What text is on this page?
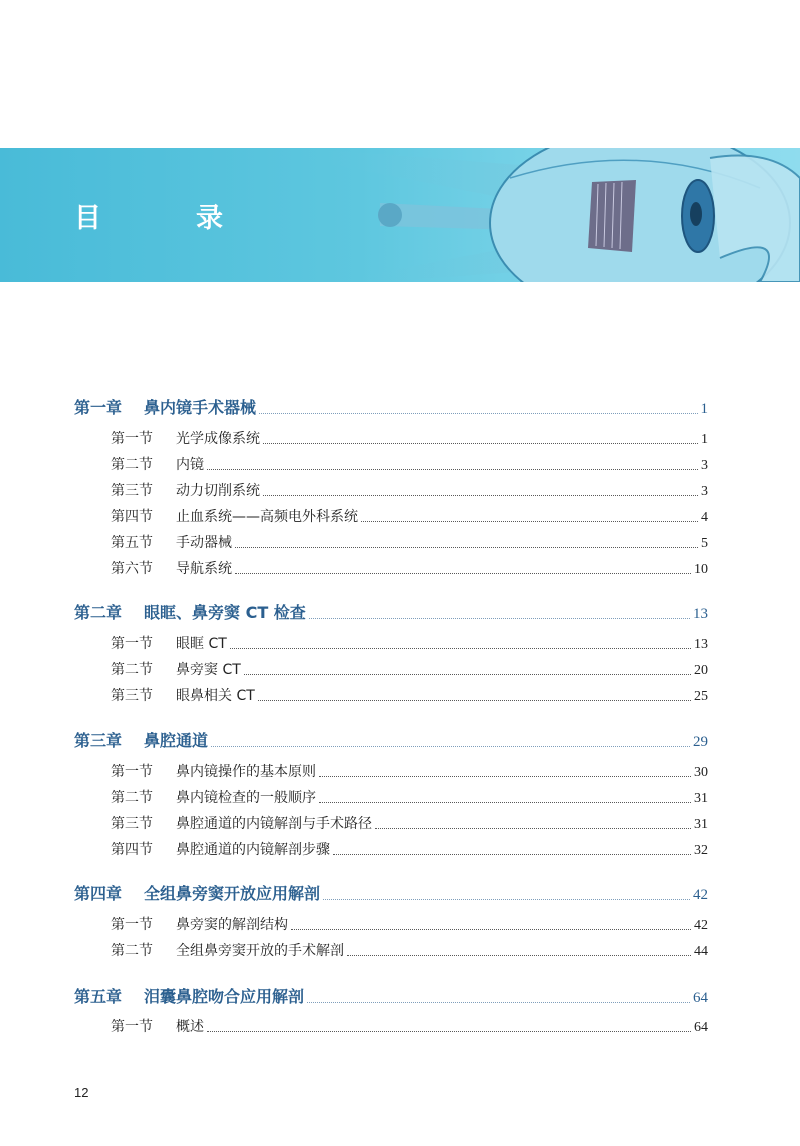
目　录
第一章	鼻内镜手术器械	1
第一节	光学成像系统	1
第二节	内镜	3
第三节	动力切削系统	3
第四节	止血系统——高频电外科系统	4
第五节	手动器械	5
第六节	导航系统	10
第二章	眼眶、鼻旁窦 CT 检查	13
第一节	眼眶 CT	13
第二节	鼻旁窦 CT	20
第三节	眼鼻相关 CT	25
第三章	鼻腔通道	29
第一节	鼻内镜操作的基本原则	30
第二节	鼻内镜检查的一般顺序	31
第三节	鼻腔通道的内镜解剖与手术路径	31
第四节	鼻腔通道的内镜解剖步骤	32
第四章	全组鼻旁窦开放应用解剖	42
第一节	鼻旁窦的解剖结构	42
第二节	全组鼻旁窦开放的手术解剖	44
第五章	泪囊鼻腔吻合应用解剖	64
第一节	概述	64
12
